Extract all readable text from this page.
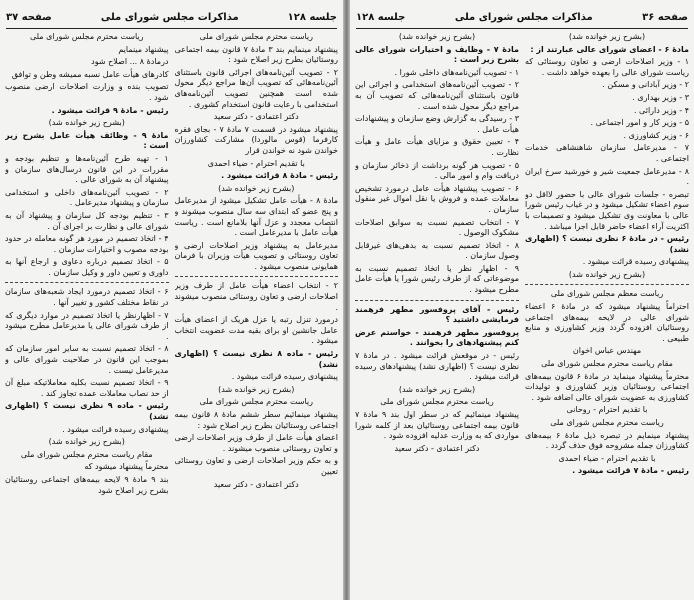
جلسه ۱۲۸
مذاکرات مجلس شورای ملی
صفحه ۳۷

ریاست محترم مجلس شورای ملی

پیشنهاد مینمایم بند ۳ مادهٔ ۷ قانون بیمه اجتماعی روستائیان بطرح زیر اصلاح شود :

۲ - تصویب آئین‌نامه‌های اجرائی قانون باستثنای آئین‌نامه‌هائی که تصویب آن‌ها مراجع دیگر محول شده است همچنین تصویب آئین‌نامه‌های استخدامی با رعایت قانون استخدام کشوری .

دکتر اعتمادی - دکتر سعید

پیشنهاد میشود در قسمت ۷ مادهٔ ۷ - بجای فقره کارفرما (قوس مالوردا) مشارکت کشاورزان خواندن شود نه خواندن قرار

با تقدیم احترام - ضیاء احمدی

رئیس - مادهٔ ۸ قرائت میشود .

(بشرح زیر خوانده شد)

مادهٔ ۸ - هیأت عامل تشکیل میشود از مدیرعامل و پنج عضو که ابتدای سه سال منصوب میشوند و انتصاب معجدد و عزل آنها بلامانع است . ریاست هیأت عامل با مدیرعامل است .

مدیرعامل به پیشنهاد وزیر اصلاحات ارضی و تعاون روستائی و تصویب هیأت وزیران با فرمان همایونی منصوب میشود .

۲ - انتخاب اعضاء هیأت عامل از طرف وزیر اصلاحات ارضی و تعاون روستائی منصوب میشوند .

درمورد تنزل رتبه یا عزل هریک از اعضای هیأت عامل جانشین او برای بقیه مدت عضویت انتخاب میشود .

رئیس - ماده ۸ نظری نیست ؟ (اظهاری نشد)

پیشنهادی رسیده قرائت میشود .

(بشرح زیر خوانده شد)

ریاست محترم مجلس شورای ملی

پیشنهاد مینمائیم سطر ششم مادهٔ ۸ قانون بیمه اجتماعی روستائیان بطرح زیر اصلاح شود :

اعضای هیأت عامل از طرف وزیر اصلاحات ارضی و تعاون روستائی منصوب میشوند .

و به حکم وزیر اصلاحات ارضی و تعاون روستائی تعیین

دکتر اعتمادی - دکتر سعید

ریاست محترم مجلس شورای ملی

پیشنهاد مینمایم

درمادهٔ ۸ ... اصلاح شود

کادرهای هیأت عامل نسبه ممیشه وطن و توافق

تصویب بنده و وزارت اصلاحات ارضی منصوب شود .

رئیس - مادهٔ ۹ قرائت میشود .

(بشرح زیر خوانده شد)

مادهٔ ۹ - وظائف هیأت عامل بشرح زیر است :

۱ - تهیه طرح آئین‌نامه‌ها و تنظیم بودجه و مقررات در این قانون درسال‌های سازمان و پیشنهاد آن به شورای عالی .

۲ - تصویب آئین‌نامه‌های داخلی و استخدامی سازمان و پیشنهاد مدیرعامل .

۳ - تنظیم بودجه کل سازمان و پیشنهاد آن به شورای عالی و نظارت بر اجرای آن .

۴ - اتخاذ تصمیم در مورد هر گونه معامله در حدود بودجه مصوب و اختیارات سازمان .

۵ - اتخاذ تصمیم درباره دعاوی و ارجاع آنها به داوری و تعیین داور و وکیل سازمان .

۶ - اتخاذ تصمیم درمورد ایجاد شعبه‌های سازمان در نقاط مختلف کشور و تغییر آنها .

۷ - اظهارنظر یا اتخاذ تصمیم در موارد دیگری که از طرف شورای عالی یا مدیرعامل مطرح میشود .

۸ - اتخاذ تصمیم نسبت به سایر امور سازمان که بموجب این قانون در صلاحیت شورای عالی و مدیرعامل نیست .

۹ - اتخاذ تصمیم نسبت بکلیه معاملاتیکه مبلغ آن از حد نصاب معاملات عمده تجاوز کند .

رئیس - ماده ۹ نظری نیست ؟ (اظهاری نشد)

پیشنهادی رسیده قرائت میشود .

(بشرح زیر خوانده شد)

مقام ریاست محترم مجلس شورای ملی

محترماً پیشنهاد میشود که

بند ۹ مادهٔ ۹ لایحه بیمه‌های اجتماعی روستائیان بشرح زیر اصلاح شود

صفحه ۳۶
مذاکرات مجلس شورای ملی
جلسه ۱۲۸

(بشرح زیر خوانده شد)

مادهٔ ۶ - اعضای شورای عالی عبارتند از :

۱ - وزیر اصلاحات ارضی و تعاون روستائی که ریاست شورای عالی را بعهده خواهد داشت .

۲ - وزیر آبادانی و مسکن .

۳ - وزیر بهداری .

۴ - وزیر دارائی .

۵ - وزیر کار و امور اجتماعی .

۶ - وزیر کشاورزی .

۷ - مدیرعامل سازمان شاهنشاهی خدمات اجتماعی .

۸ - مدیرعامل جمعیت شیر و خورشید سرخ ایران .

تبصره - جلسات شورای عالی با حضور لااقل دو سوم اعضاء تشکیل میشود و در غیاب رئیس شورا عالی با معاونت وی تشکیل میشود و تصمیمات با اکثریت آراء اعضاء حاضر قابل اجرا میباشد .

رئیس - در مادهٔ ۶ نظری نیست ؟ (اظهاری نشد)

پیشنهادی رسیده قرائت میشود .

(بشرح زیر خوانده شد)

ریاست معظم مجلس شورای ملی

احتراماً پیشنهاد میشود که در مادهٔ ۶ اعضاء شورای عالی در لایحه بیمه‌های اجتماعی روستائیان افزوده گردد وزیر کشاورزی و منابع طبیعی .

مهندس عباس اخوان

مقام ریاست محترم مجلس شورای ملی

محترماً پیشنهاد مینماید در مادهٔ ۶ قانون بیمه‌های اجتماعی روستائیان وزیر کشاورزی و تولیدات کشاورزی به عضویت شورای عالی اضافه شود .

با تقدیم احترام - روحانی

ریاست محترم مجلس شورای ملی

پیشنهاد مینمایم در تبصره ذیل مادهٔ ۶ بیمه‌های کشاورزان جمله مشروحه فوق حذف گردد .

با تقدیم احترام - ضیاء احمدی

رئیس - مادهٔ ۷ قرائت میشود .

(بشرح زیر خوانده شد)

مادهٔ ۷ - وظایف و اختیارات شورای عالی بشرح زیر است :

۱ - تصویب آئین‌نامه‌های داخلی شورا .

۲ - تصویب آئین‌نامه‌های استخدامی و اجرائی این قانون باستثنای آئین‌نامه‌هائی که تصویب آن به مراجع دیگر محول شده است .

۳ - رسیدگی به گزارش وضع سازمان و پیشنهادات هیأت عامل .

۴ - تعیین حقوق و مزایای هیأت عامل و هیأت نظارت .

۵ - تصویب هر گونه برداشت از ذخائر سازمان و دریافت وام و امور مالی .

۶ - تصویب پیشنهاد هیأت عامل درمورد تشخیص معاملات عمده و فروش یا نقل اموال غیر منقول سازمان .

۷ - انتخاب تصمیم نسبت به سوابق اصلاحات مشکوک الوصول .

۸ - اتخاذ تصمیم نسبت به بدهی‌های غیرقابل وصول سازمان .

۹ - اظهار نظر یا اتخاذ تصمیم نسبت به موضوعاتی که از طرف رئیس شورا یا هیأت عامل مطرح میشود .

رئیس - آقای پروفسور مطهر فرهمند فرمایشی داشتید ؟

پروفسور مطهر فرهمند - خواستم عرض کنم پیشنهادهای را بخوانند .

رئیس - در موقعش قرائت میشود . در مادهٔ ۷ نظری نیست ؟ (اظهاری نشد) پیشنهادهای رسیده قرائت میشود .

(بشرح زیر خوانده شد)

ریاست محترم مجلس شورای ملی

پیشنهاد مینمائیم که در سطر اول بند ۹ مادهٔ ۷ قانون بیمه اجتماعی روستائیان بعد از کلمه شورا مواردی که به وزارت عدلیه افزوده شود .

دکتر اعتمادی - دکتر سعید
